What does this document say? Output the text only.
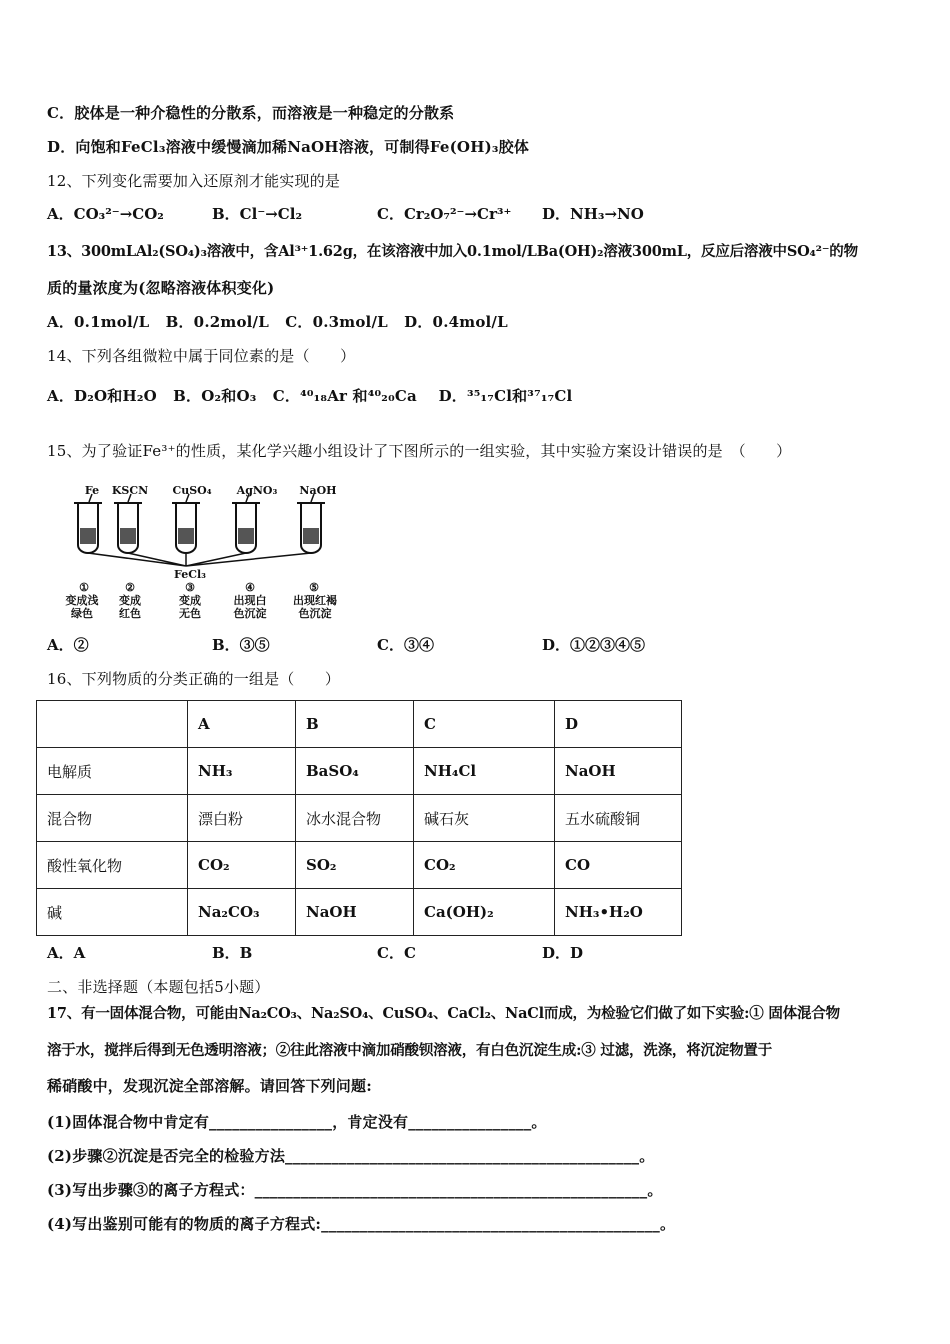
C．胶体是一种介稳性的分散系，而溶液是一种稳定的分散系
D．向饱和FeCl₃溶液中缓慢滴加稀NaOH溶液，可制得Fe(OH)₃胶体
12、下列变化需要加入还原剂才能实现的是
A．CO₃²⁻→CO₂	B．Cl⁻→Cl₂	C．Cr₂O₇²⁻→Cr³⁺ D．NH₃→NO
13、300mLAl₂(SO₄)₃溶液中，含Al³⁺1.62g，在该溶液中加入0.1mol/LBa(OH)₂溶液300mL，反应后溶液中SO₄²⁻的物
质的量浓度为(忽略溶液体积变化)
A．0.1mol/L   B．0.2mol/L   C．0.3mol/L   D．0.4mol/L
14、下列各组微粒中属于同位素的是（　　）
A．D₂O和H₂O   B．O₂和O₃   C．⁴⁰₁₈Ar 和⁴⁰₂₀Ca    D．³⁵₁₇Cl和³⁷₁₇Cl
15、为了验证Fe³⁺的性质，某化学兴趣小组设计了下图所示的一组实验，其中实验方案设计错误的是　（　　）
Fe KSCN CuSO₄ AgNO₃ NaOH
FeCl₃
①	②	③	④	⑤
变成浅 变成	变成	出现白 出现红褐
绿色 红色	无色	色沉淀	色沉淀
A．②	B．③⑤	C．③④	D．①②③④⑤
16、下列物质的分类正确的一组是（　　）
	A	B	C	D
电解质	NH₃	BaSO₄	NH₄Cl	NaOH
混合物	漂白粉	冰水混合物	碱石灰	五水硫酸铜
酸性氧化物	CO₂	SO₂	CO₂	CO
碱	Na₂CO₃	NaOH	Ca(OH)₂	NH₃•H₂O
A．A	B．B	C．C	D．D
二、非选择题（本题包括5小题）
17、有一固体混合物，可能由Na₂CO₃、Na₂SO₄、CuSO₄、CaCl₂、NaCl而成，为检验它们做了如下实验:① 固体混合物
溶于水，搅拌后得到无色透明溶液；②往此溶液中滴加硝酸钡溶液，有白色沉淀生成:③ 过滤，洗涤，将沉淀物置于
稀硝酸中，发现沉淀全部溶解。请回答下列问题:
(1)固体混合物中肯定有________________，肯定没有________________。
(2)步骤②沉淀是否完全的检验方法______________________________________________。
(3)写出步骤③的离子方程式：___________________________________________________。
(4)写出鉴别可能有的物质的离子方程式:____________________________________________。
